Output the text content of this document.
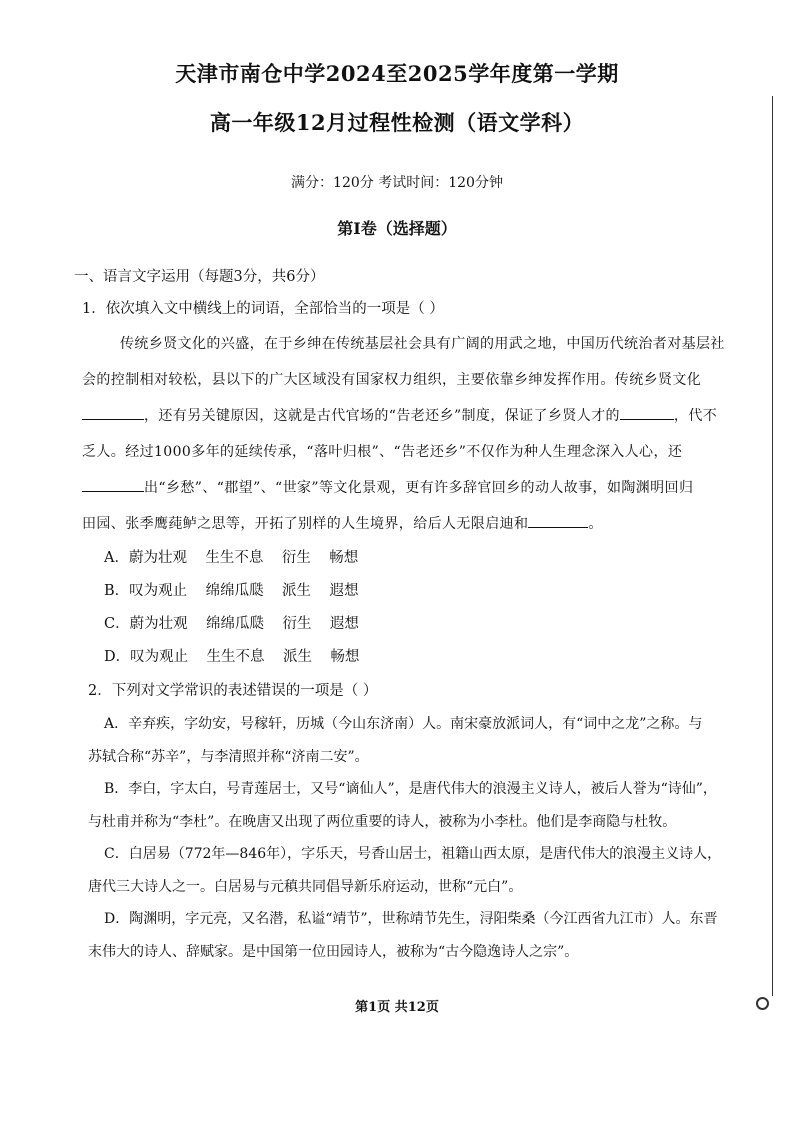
天津市南仓中学2024至2025学年度第一学期
高一年级12月过程性检测（语文学科）
满分：120分 考试时间：120分钟
第Ⅰ卷（选择题）
一、语言文字运用（每题3分，共6分）
1．依次填入文中横线上的词语，全部恰当的一项是（ ）
传统乡贤文化的兴盛，在于乡绅在传统基层社会具有广阔的用武之地，中国历代统治者对基层社
会的控制相对较松，县以下的广大区域没有国家权力组织，主要依靠乡绅发挥作用。传统乡贤文化
，还有另关键原因，这就是古代官场的“告老还乡”制度，保证了乡贤人才的	，代不
乏人。经过1000多年的延续传承，“落叶归根”、“告老还乡”不仅作为种人生理念深入人心，还
出“乡愁”、“郡望”、“世家”等文化景观，更有许多辞官回乡的动人故事，如陶渊明回归
田园、张季鹰莼鲈之思等，开拓了别样的人生境界，给后人无限启迪和	。
A．蔚为壮观    生生不息    衍生    畅想
B．叹为观止    绵绵瓜瓞    派生    遐想
C．蔚为壮观    绵绵瓜瓞    衍生    遐想
D．叹为观止    生生不息    派生    畅想
2．下列对文学常识的表述错误的一项是（ ）
A．辛弃疾，字幼安，号稼轩，历城（今山东济南）人。南宋豪放派词人，有“词中之龙”之称。与
苏轼合称“苏辛”，与李清照并称“济南二安”。
B．李白，字太白，号青莲居士，又号“谪仙人”，是唐代伟大的浪漫主义诗人，被后人誉为“诗仙”，
与杜甫并称为“李杜”。在晚唐又出现了两位重要的诗人，被称为小李杜。他们是李商隐与杜牧。
C．白居易（772年—846年），字乐天，号香山居士，祖籍山西太原，是唐代伟大的浪漫主义诗人，
唐代三大诗人之一。白居易与元稹共同倡导新乐府运动，世称“元白”。
D．陶渊明，字元亮，又名潜，私谥“靖节”，世称靖节先生，浔阳柴桑（今江西省九江市）人。东晋
末伟大的诗人、辞赋家。是中国第一位田园诗人，被称为“古今隐逸诗人之宗”。
第1页 共12页
